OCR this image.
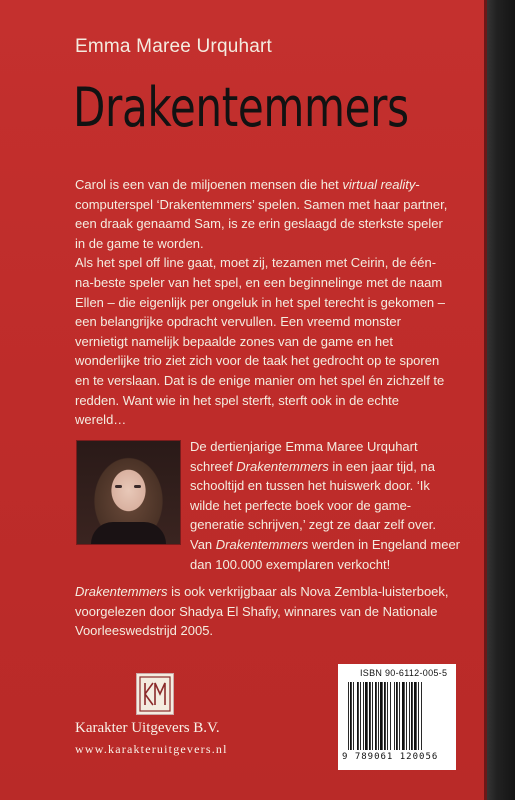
Emma Maree Urquhart
Drakentemmers

Carol is een van de miljoenen mensen die het virtual reality-computerspel ‘Drakentemmers’ spelen. Samen met haar partner, een draak genaamd Sam, is ze erin geslaagd de sterkste speler in de game te worden.

Als het spel off line gaat, moet zij, tezamen met Ceirin, de één-na-beste speler van het spel, en een beginnelinge met de naam Ellen – die eigenlijk per ongeluk in het spel terecht is gekomen – een belangrijke opdracht vervullen. Een vreemd monster vernietigt namelijk bepaalde zones van de game en het wonderlijke trio ziet zich voor de taak het gedrocht op te sporen en te verslaan. Dat is de enige manier om het spel én zichzelf te redden. Want wie in het spel sterft, sterft ook in de echte wereld…

De dertienjarige Emma Maree Urquhart schreef Drakentemmers in een jaar tijd, na schooltijd en tussen het huiswerk door. ‘Ik wilde het perfecte boek voor de game-generatie schrijven,’ zegt ze daar zelf over. Van Drakentemmers werden in Engeland meer dan 100.000 exemplaren verkocht!
Drakentemmers is ook verkrijgbaar als Nova Zembla-luisterboek, voorgelezen door Shadya El Shafiy, winnares van de Nationale Voorleeswedstrijd 2005.
Karakter Uitgevers B.V.
www.karakteruitgevers.nl
ISBN 90-6112-005-5
9 789061 120056
